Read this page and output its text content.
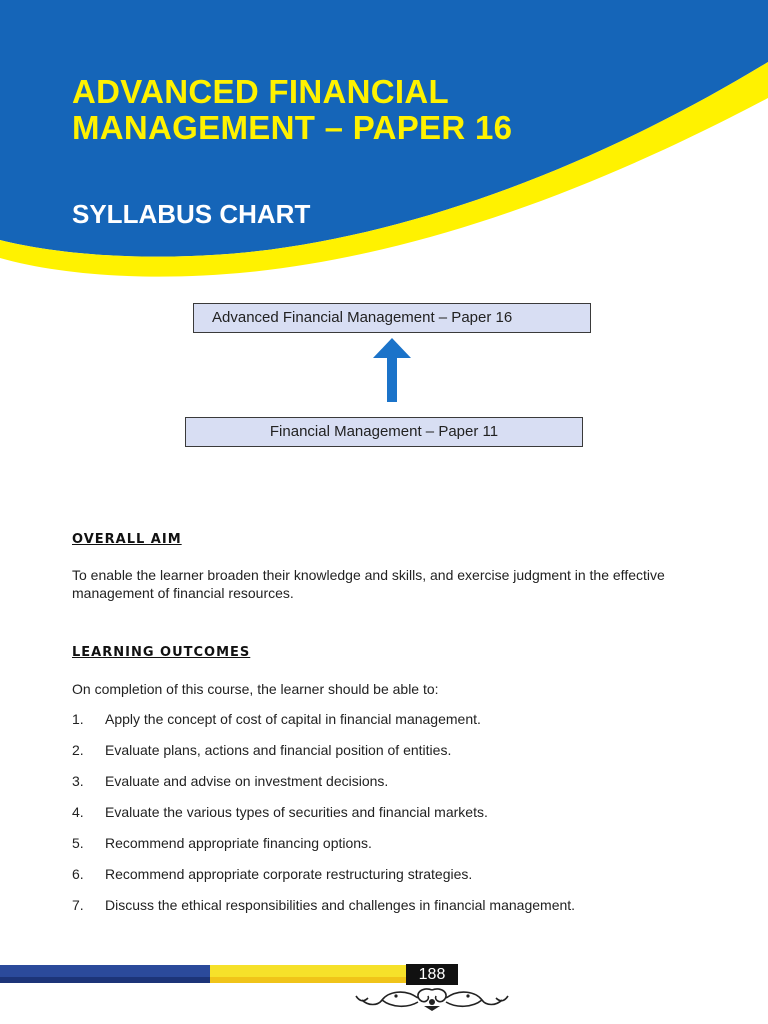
ADVANCED FINANCIAL
MANAGEMENT – PAPER 16
SYLLABUS CHART
Advanced Financial Management – Paper 16
Financial Management – Paper 11
OVERALL AIM

To enable the learner broaden their knowledge and skills, and exercise judgment in the effective management of financial resources.

LEARNING OUTCOMES

On completion of this course, the learner should be able to:

1. Apply the concept of cost of capital in financial management.
2. Evaluate plans, actions and financial position of entities.
3. Evaluate and advise on investment decisions.
4. Evaluate the various types of securities and financial markets.
5. Recommend appropriate financing options.
6. Recommend appropriate corporate restructuring strategies.
7. Discuss the ethical responsibilities and challenges in financial management.
188
